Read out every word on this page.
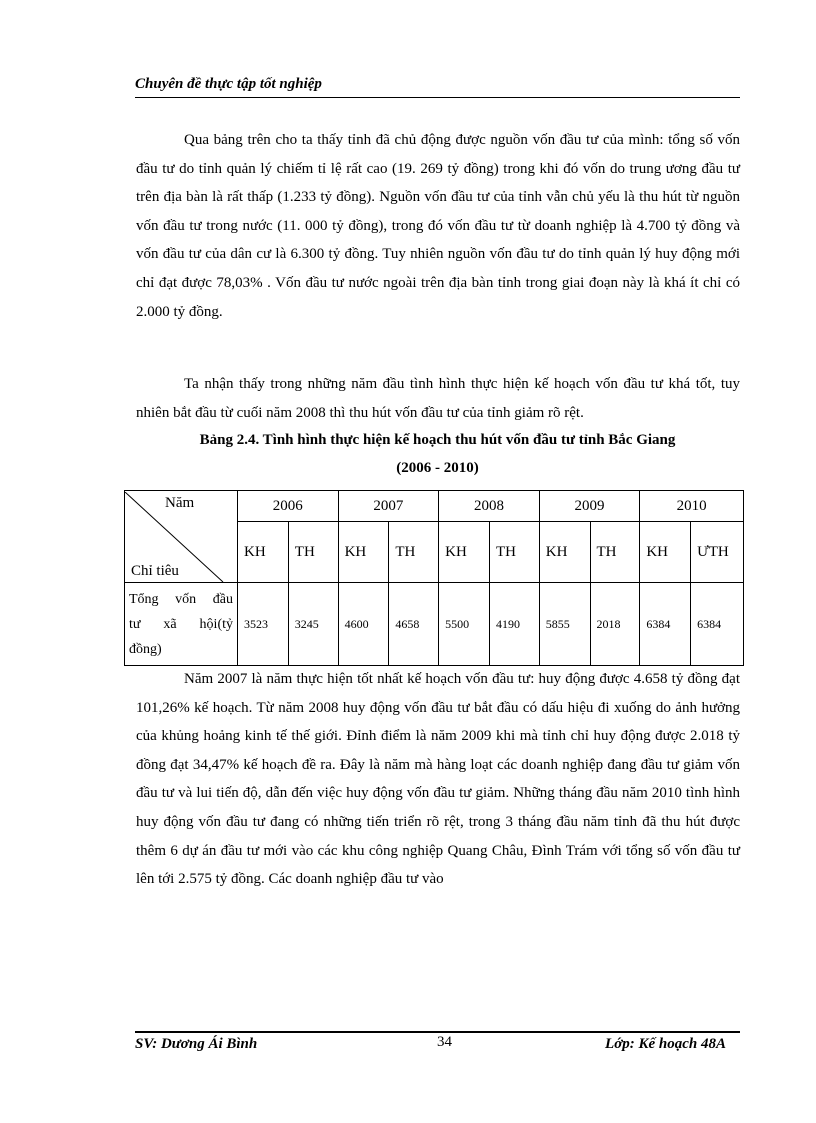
Chuyên đề thực tập tốt nghiệp

Qua bảng trên cho ta thấy tỉnh đã chủ động được nguồn vốn đầu tư của mình: tổng số vốn đầu tư do tỉnh quản lý chiếm tỉ lệ rất cao (19. 269 tỷ đồng) trong khi đó vốn do trung ương đầu tư trên địa bàn là rất thấp (1.233 tỷ đồng). Nguồn vốn đầu tư của tỉnh vẫn chủ yếu là thu hút từ nguồn vốn đầu tư trong nước (11. 000 tỷ đồng), trong đó vốn đầu tư từ doanh nghiệp là 4.700 tỷ đồng và vốn đầu tư của dân cư là 6.300 tỷ đồng. Tuy nhiên nguồn vốn đầu tư do tỉnh quản lý huy động mới chỉ đạt được 78,03% . Vốn đầu tư nước ngoài trên địa bàn tỉnh trong giai đoạn này là khá ít chỉ có 2.000 tỷ đồng.

Ta nhận thấy trong những năm đầu tình hình thực hiện kế hoạch vốn đầu tư khá tốt, tuy nhiên bắt đầu từ cuối năm 2008 thì thu hút vốn đầu tư của tỉnh giảm rõ rệt.

Bảng 2.4. Tình hình thực hiện kế hoạch thu hút vốn đầu tư tỉnh Bắc Giang
(2006 - 2010)
Năm
Chỉ tiêu	2006		2007		2008		2009		2010	
	KH	TH	KH	TH	KH	TH	KH	TH	KH	ƯTH

Tổng vốn đầu
tư xã hội(tỷ
đồng)	3523	3245	4600	4658	5500	4190	5855	2018	6384	6384

Năm 2007 là năm thực hiện tốt nhất kế hoạch vốn đầu tư: huy động được 4.658 tỷ đồng đạt 101,26% kế hoạch. Từ năm 2008 huy động vốn đầu tư bắt đầu có dấu hiệu đi xuống do ảnh hưởng của khủng hoảng kinh tế thế giới. Đỉnh điểm là năm 2009 khi mà tỉnh chỉ huy động được 2.018 tỷ đồng đạt 34,47% kế hoạch đề ra. Đây là năm mà hàng loạt các doanh nghiệp đang đầu tư giảm vốn đầu tư và lui tiến độ, dẫn đến việc huy động vốn đầu tư giảm. Những tháng đầu năm 2010 tình hình huy động vốn đầu tư đang có những tiến triển rõ rệt, trong 3 tháng đầu năm tỉnh đã thu hút được thêm 6 dự án đầu tư mới vào các khu công nghiệp Quang Châu, Đình Trám với tổng số vốn đầu tư lên tới 2.575 tỷ đồng. Các doanh nghiệp đầu tư vào

SV: Dương Ái Bình	34	Lớp: Kế hoạch 48A
